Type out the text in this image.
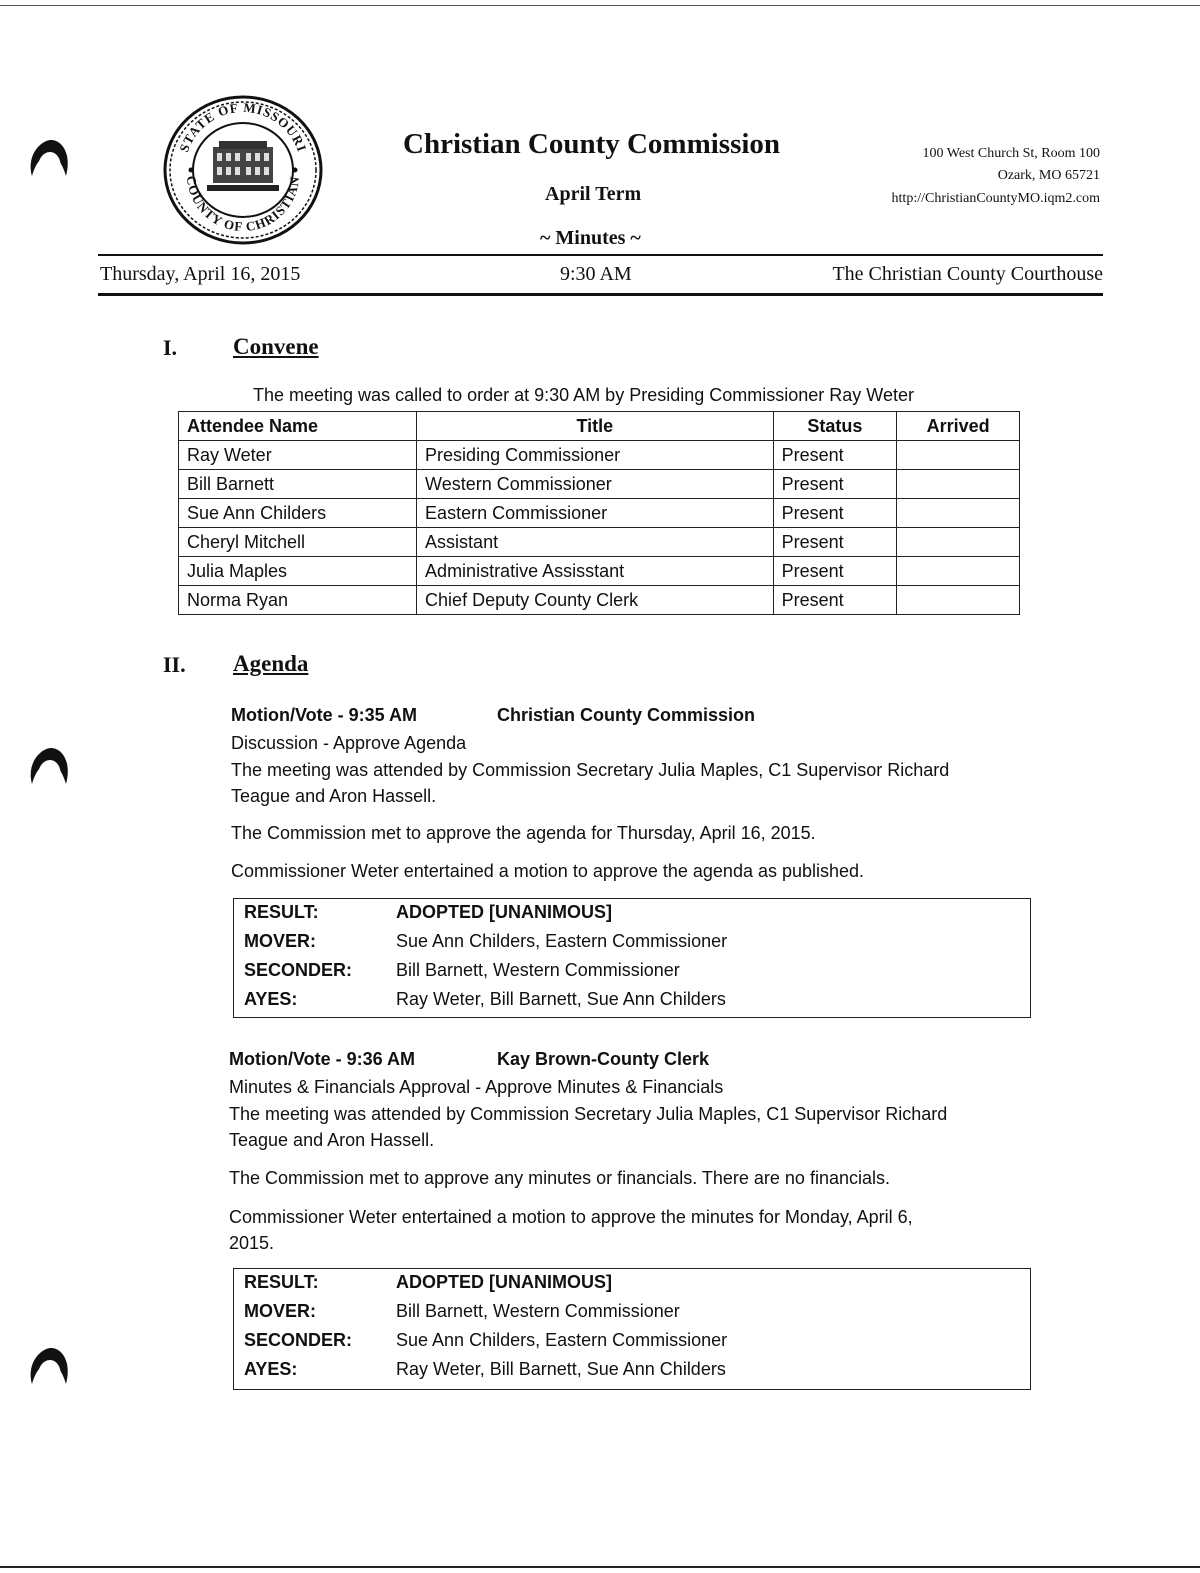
STATE OF MISSOURI
COUNTY OF CHRISTIAN
Christian County Commission
April Term
~ Minutes ~
100 West Church St, Room 100
Ozark, MO 65721
http://ChristianCountyMO.iqm2.com
Thursday, April 16, 2015	9:30 AM	The Christian County Courthouse
I. Convene
The meeting was called to order at 9:30 AM by Presiding Commissioner Ray Weter
Attendee Name	Title	Status	Arrived
Ray Weter	Presiding Commissioner	Present	
Bill Barnett	Western Commissioner	Present	
Sue Ann Childers	Eastern Commissioner	Present	
Cheryl Mitchell	Assistant	Present	
Julia Maples	Administrative Assisstant	Present	
Norma Ryan	Chief Deputy County Clerk	Present	
II. Agenda
Motion/Vote - 9:35 AM	Christian County Commission
Discussion - Approve Agenda
The meeting was attended by Commission Secretary Julia Maples, C1 Supervisor Richard
Teague and Aron Hassell.
The Commission met to approve the agenda for Thursday, April 16, 2015.
Commissioner Weter entertained a motion to approve the agenda as published.
RESULT:	ADOPTED [UNANIMOUS]
MOVER:	Sue Ann Childers, Eastern Commissioner
SECONDER: Bill Barnett, Western Commissioner
AYES:	Ray Weter, Bill Barnett, Sue Ann Childers
Motion/Vote - 9:36 AM	Kay Brown-County Clerk
Minutes & Financials Approval - Approve Minutes & Financials
The meeting was attended by Commission Secretary Julia Maples, C1 Supervisor Richard
Teague and Aron Hassell.
The Commission met to approve any minutes or financials. There are no financials.
Commissioner Weter entertained a motion to approve the minutes for Monday, April 6,
2015.
RESULT:	ADOPTED [UNANIMOUS]
MOVER:	Bill Barnett, Western Commissioner
SECONDER: Sue Ann Childers, Eastern Commissioner
AYES:	Ray Weter, Bill Barnett, Sue Ann Childers
